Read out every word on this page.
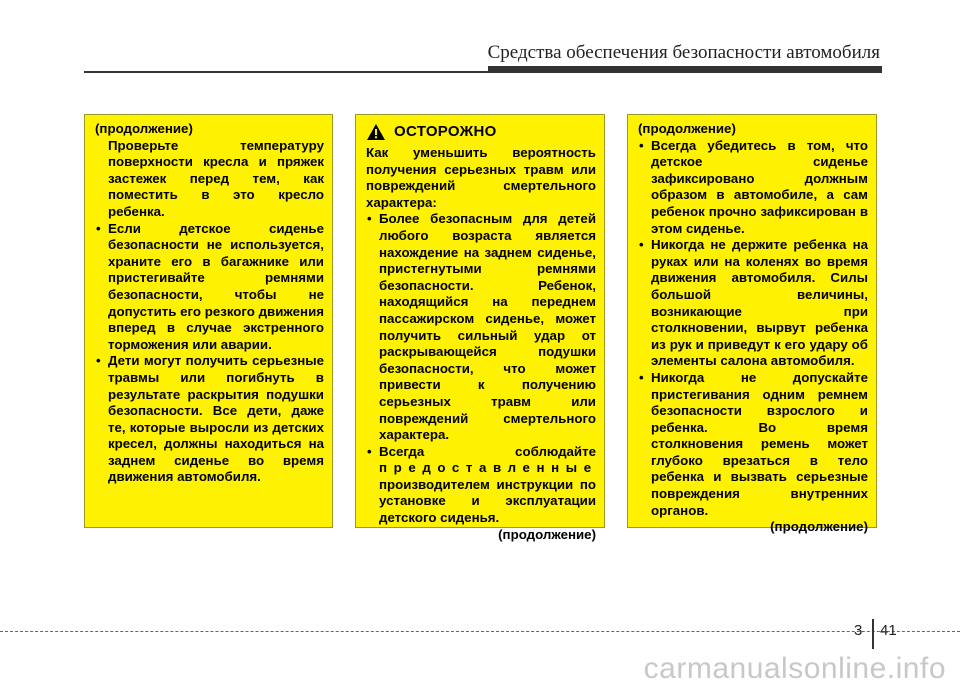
Средства обеспечения безопасности автомобиля

(продолжение)

Проверьте температуру поверхности кресла и пряжек застежек перед тем, как поместить в это кресло ребенка.

• Если детское сиденье безопасности не используется, храните его в багажнике или пристегивайте ремнями безопасности, чтобы не допустить его резкого движения вперед в случае экстренного торможения или аварии.
• Дети могут получить серьезные травмы или погибнуть в результате раскрытия подушки безопасности. Все дети, даже те, которые выросли из детских кресел, должны находиться на заднем сиденье во время движения автомобиля.
ОСТОРОЖНО

Как уменьшить вероятность получения серьезных травм или повреждений смертельного характера:

• Более безопасным для детей любого возраста является нахождение на заднем сиденье, пристегнутыми ремнями безопасности. Ребенок, находящийся на переднем пассажирском сиденье, может получить сильный удар от раскрывающейся подушки безопасности, что может привести к получению серьезных травм или повреждений смертельного характера.
• Всегда соблюдайте предоставленные производителем инструкции по установке и эксплуатации детского сиденья.

(продолжение)

(продолжение)

• Всегда убедитесь в том, что детское сиденье зафиксировано должным образом в автомобиле, а сам ребенок прочно зафиксирован в этом сиденье.
• Никогда не держите ребенка на руках или на коленях во время движения автомобиля. Силы большой величины, возникающие при столкновении, вырвут ребенка из рук и приведут к его удару об элементы салона автомобиля.
• Никогда не допускайте пристегивания одним ремнем безопасности взрослого и ребенка. Во время столкновения ремень может глубоко врезаться в тело ребенка и вызвать серьезные повреждения внутренних органов.

(продолжение)

3 41
carmanualsonline.info
